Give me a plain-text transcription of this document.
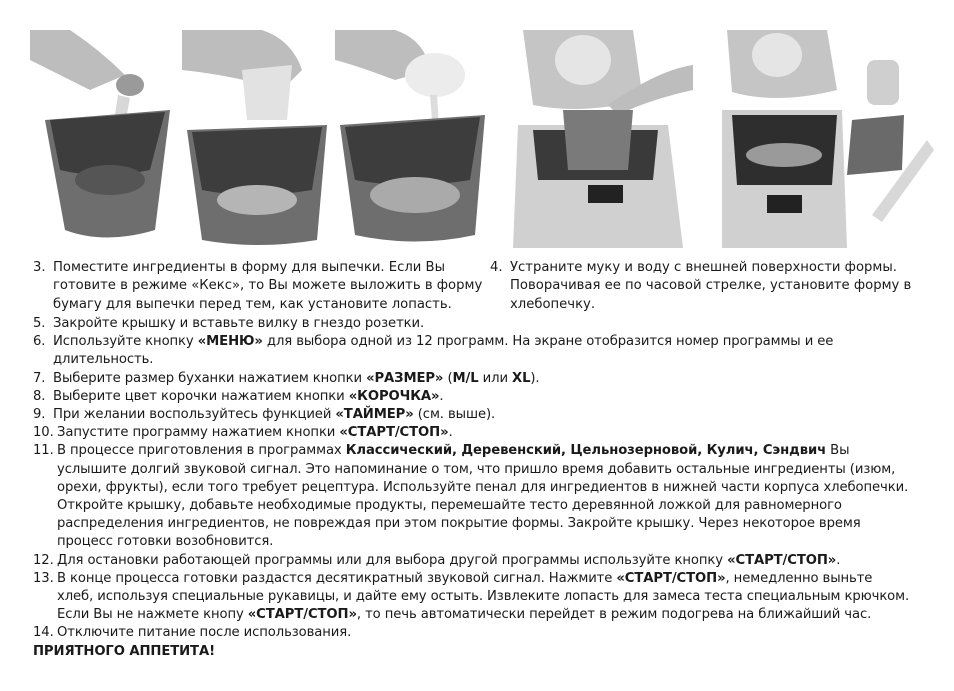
3. Поместите ингредиенты в форму для выпечки. Если Вы
готовите в режиме «Кекс», то Вы можете выложить в форму
бумагу для выпечки перед тем, как установите лопасть.
4. Устраните муку и воду с внешней поверхности формы.
Поворачивая ее по часовой стрелке, установите форму в
хлебопечку.
5. Закройте крышку и вставьте вилку в гнездо розетки.
6. Используйте кнопку «МЕНЮ» для выбора одной из 12 программ. На экране отобразится номер программы и ее
длительность.
7. Выберите размер буханки нажатием кнопки «РАЗМЕР» (M/L или XL).
8. Выберите цвет корочки нажатием кнопки «КОРОЧКА».
9. При желании воспользуйтесь функцией «ТАЙМЕР» (см. выше).
10. Запустите программу нажатием кнопки «СТАРТ/СТОП».
11. В процессе приготовления в программах Классический, Деревенский, Цельнозерновой, Кулич, Сэндвич Вы
услышите долгий звуковой сигнал. Это напоминание о том, что пришло время добавить остальные ингредиенты (изюм,
орехи, фрукты), если того требует рецептура. Используйте пенал для ингредиентов в нижней части корпуса хлебопечки.
Откройте крышку, добавьте необходимые продукты, перемешайте тесто деревянной ложкой для равномерного
распределения ингредиентов, не повреждая при этом покрытие формы. Закройте крышку. Через некоторое время
процесс готовки возобновится.
12. Для остановки работающей программы или для выбора другой программы используйте кнопку «СТАРТ/СТОП».
13. В конце процесса готовки раздастся десятикратный звуковой сигнал. Нажмите «СТАРТ/СТОП», немедленно выньте
хлеб, используя специальные рукавицы, и дайте ему остыть. Извлеките лопасть для замеса теста специальным крючком.
Если Вы не нажмете кнопу «СТАРТ/СТОП», то печь автоматически перейдет в режим подогрева на ближайший час.
14. Отключите питание после использования.
ПРИЯТНОГО АППЕТИТА!
